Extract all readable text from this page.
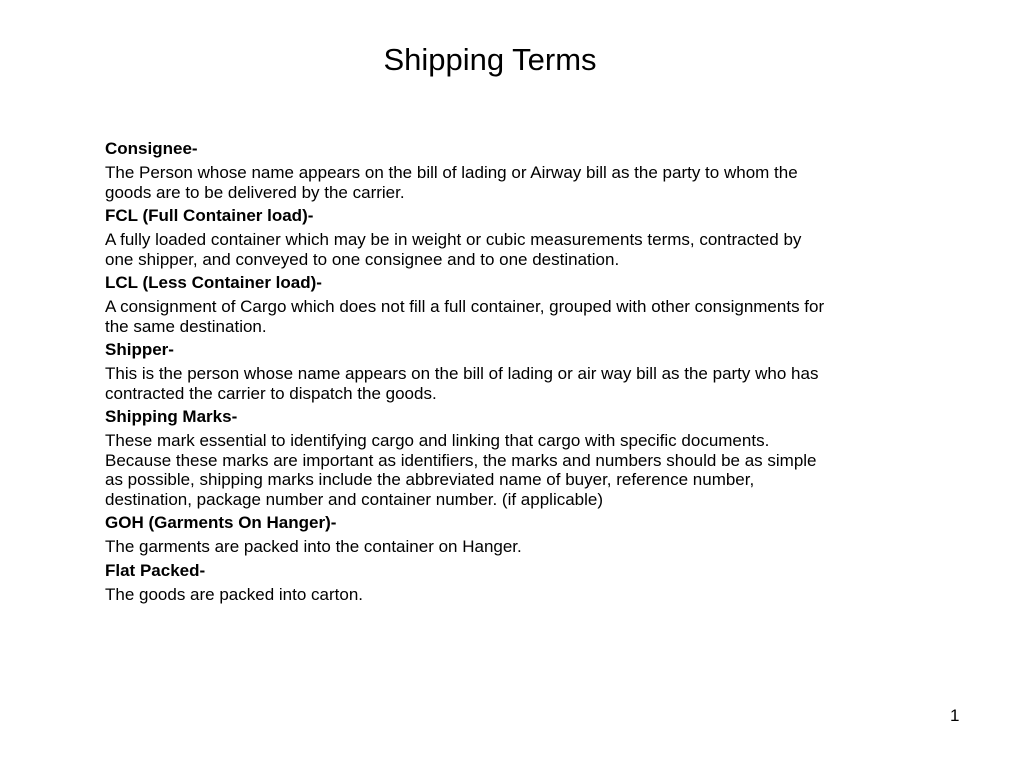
Shipping Terms
Consignee-

The Person whose name appears on the bill of lading or Airway bill as the party to whom the
goods are to be delivered by the carrier.

FCL (Full Container load)-

A fully loaded container which may be in weight or cubic measurements terms, contracted by
one shipper, and conveyed to one consignee and to one destination.

LCL (Less Container load)-

A consignment of Cargo which does not fill a full container, grouped with other consignments for
the same destination.

Shipper-

This is the person whose name appears on the bill of lading or air way bill as the party who has
contracted the carrier to dispatch the goods.

Shipping Marks-

These mark essential to identifying cargo and linking that cargo with specific documents.
Because these marks are important as identifiers, the marks and numbers should be as simple
as possible, shipping marks include the abbreviated name of buyer, reference number,
destination, package number and container number. (if applicable)

GOH (Garments On Hanger)-

The garments are packed into the container on Hanger.

Flat Packed-

The goods are packed into carton.

1
